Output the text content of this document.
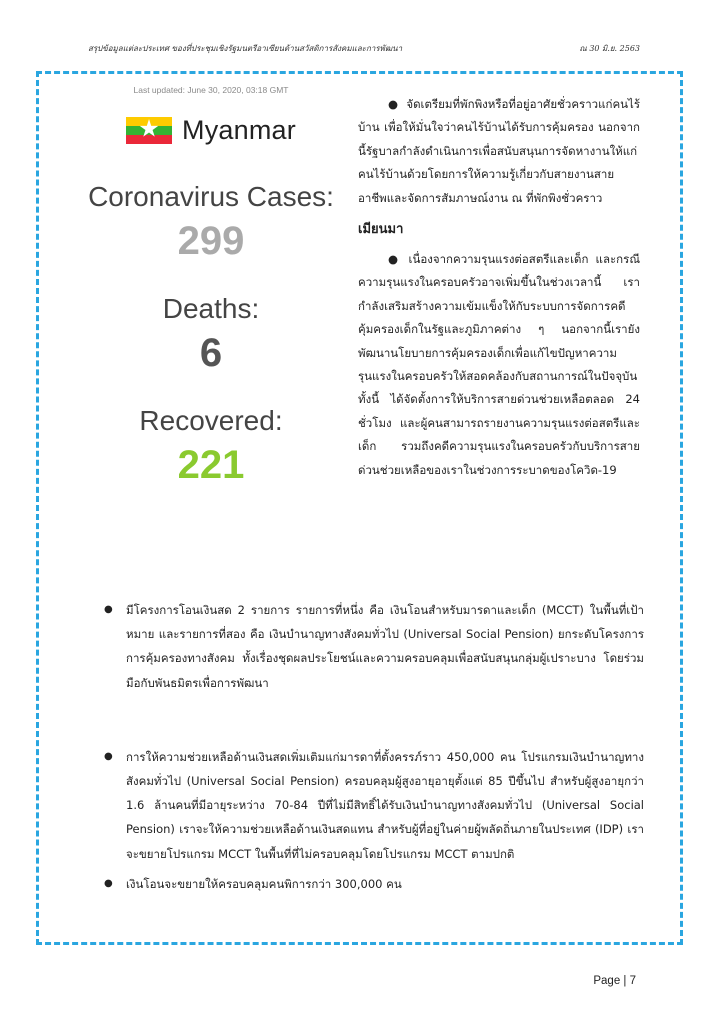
สรุปข้อมูลแต่ละประเทศ ของที่ประชุมเชิงรัฐมนตรีอาเซียนด้านสวัสดิการสังคมและการพัฒนา	ณ 30 มิ.ย. 2563
Last updated: June 30, 2020, 03:18 GMT
★ Myanmar
Coronavirus Cases:
299
Deaths:
6
Recovered:
221

● จัดเตรียมที่พักพิงหรือที่อยู่อาศัยชั่วคราวแก่คนไร้บ้าน เพื่อให้มั่นใจว่าคนไร้บ้านได้รับการคุ้มครอง นอกจากนี้รัฐบาลกำลังดำเนินการเพื่อสนับสนุนการจัดหางานให้แก่คนไร้บ้านด้วยโดยการให้ความรู้เกี่ยวกับสายงานสายอาชีพและจัดการสัมภาษณ์งาน ณ ที่พักพิงชั่วคราว

เมียนมา

● เนื่องจากความรุนแรงต่อสตรีและเด็ก และกรณีความรุนแรงในครอบครัวอาจเพิ่มขึ้นในช่วงเวลานี้ เรากำลังเสริมสร้างความเข้มแข็งให้กับระบบการจัดการคดีคุ้มครองเด็กในรัฐและภูมิภาคต่าง ๆ นอกจากนี้เรายังพัฒนานโยบายการคุ้มครองเด็กเพื่อแก้ไขปัญหาความรุนแรงในครอบครัวให้สอดคล้องกับสถานการณ์ในปัจจุบัน ทั้งนี้ ได้จัดตั้งการให้บริการสายด่วนช่วยเหลือตลอด 24 ชั่วโมง และผู้คนสามารถรายงานความรุนแรงต่อสตรีและเด็ก รวมถึงคดีความรุนแรงในครอบครัวกับบริการสายด่วนช่วยเหลือของเราในช่วงการระบาดของโควิด-19

● มีโครงการโอนเงินสด 2 รายการ รายการที่หนึ่ง คือ เงินโอนสำหรับมารดาและเด็ก (MCCT) ในพื้นที่เป้าหมาย และรายการที่สอง คือ เงินบำนาญทางสังคมทั่วไป (Universal Social Pension) ยกระดับโครงการการคุ้มครองทางสังคม ทั้งเรื่องชุดผลประโยชน์และความครอบคลุมเพื่อสนับสนุนกลุ่มผู้เปราะบาง โดยร่วมมือกับพันธมิตรเพื่อการพัฒนา
● การให้ความช่วยเหลือด้านเงินสดเพิ่มเติมแก่มารดาที่ตั้งครรภ์ราว 450,000 คน โปรแกรมเงินบำนาญทางสังคมทั่วไป (Universal Social Pension) ครอบคลุมผู้สูงอายุอายุตั้งแต่ 85 ปีขึ้นไป สำหรับผู้สูงอายุกว่า 1.6 ล้านคนที่มีอายุระหว่าง 70-84 ปีที่ไม่มีสิทธิ์ได้รับเงินบำนาญทางสังคมทั่วไป (Universal Social Pension) เราจะให้ความช่วยเหลือด้านเงินสดแทน สำหรับผู้ที่อยู่ในค่ายผู้พลัดถิ่นภายในประเทศ (IDP) เราจะขยายโปรแกรม MCCT ในพื้นที่ที่ไม่ครอบคลุมโดยโปรแกรม MCCT ตามปกติ
● เงินโอนจะขยายให้ครอบคลุมคนพิการกว่า 300,000 คน
Page | 7
